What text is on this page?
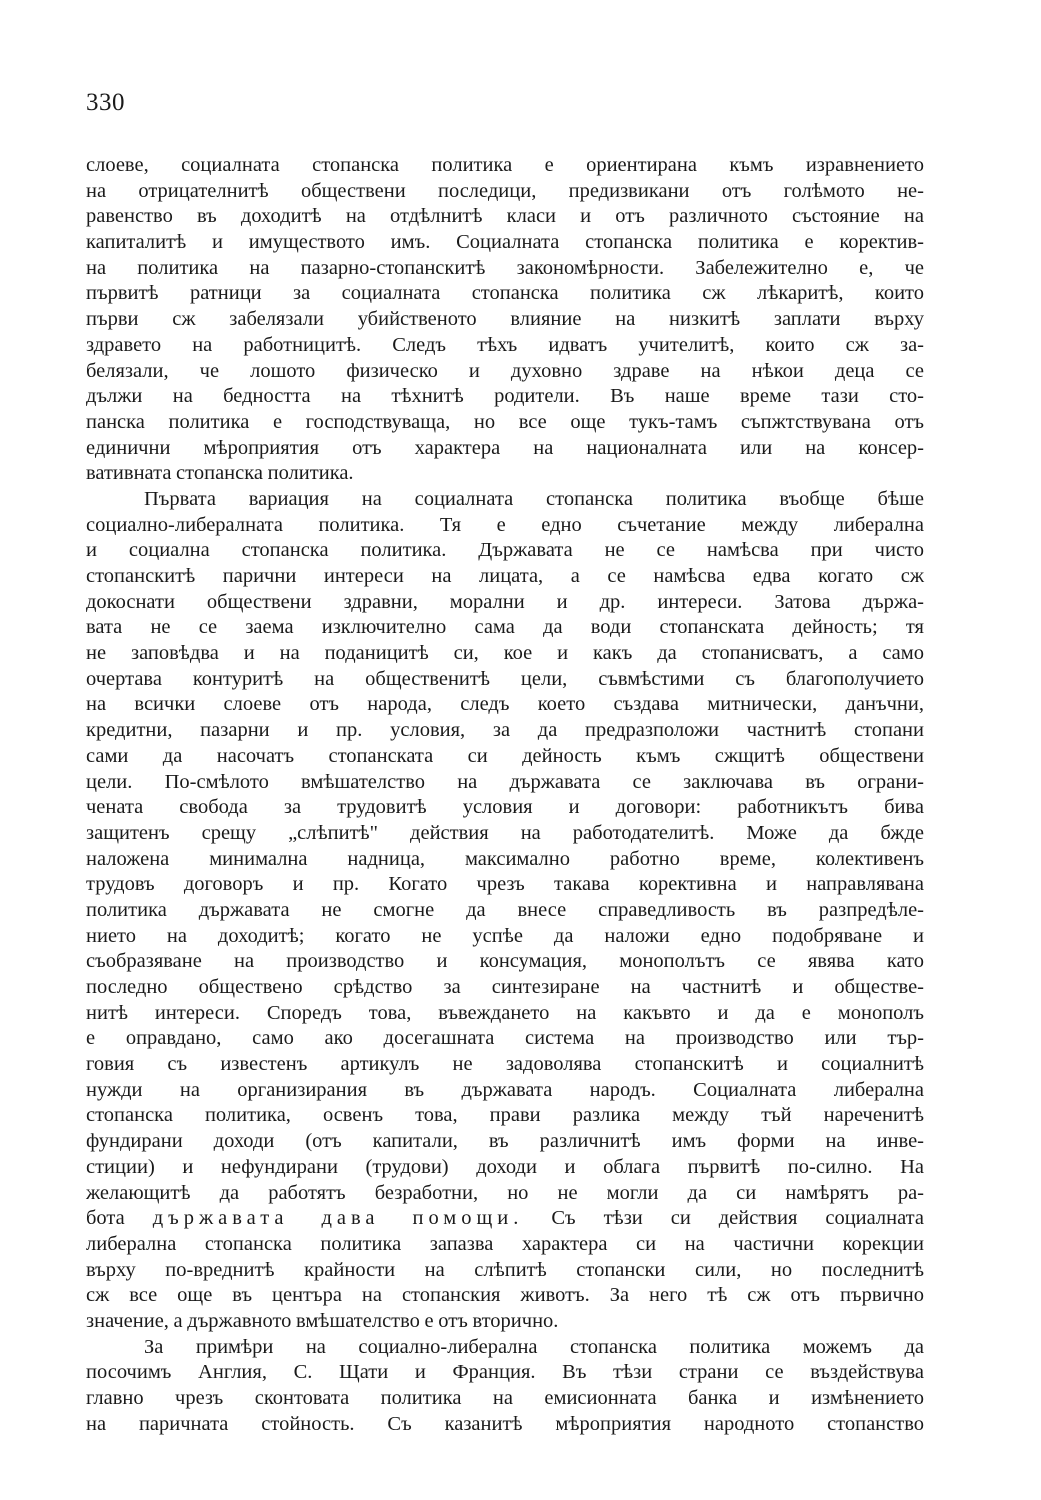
330
слоеве, социалната стопанска политика е ориентирана къмъ изравнението
на отрицателнитѣ обществени последици, предизвикани отъ голѣмото не-
равенство въ доходитѣ на отдѣлнитѣ класи и отъ различното състояние на
капиталитѣ и имуществото имъ. Социалната стопанска политика е коректив-
на политика на пазарно-стопанскитѣ закономѣрности. Забележително е, че
първитѣ ратници за социалната стопанска политика сж лѣкаритѣ, които
първи сж забелязали убийственото влияние на низкитѣ заплати върху
здравето на работницитѣ. Следъ тѣхъ идватъ учителитѣ, които сж за-
белязали, че лошото физическо и духовно здраве на нѣкои деца се
дължи на бедността на тѣхнитѣ родители. Въ наше време тази сто-
панска политика е господствуваща, но все още тукъ-тамъ съпжтствувана отъ
единични мѣроприятия отъ характера на националната или на консер-
вативната стопанска политика.
Първата вариация на социалната стопанска политика въобще бѣше
социално-либералната политика. Тя е едно съчетание между либерална
и социална стопанска политика. Държавата не се намѣсва при чисто
стопанскитѣ парични интереси на лицата, а се намѣсва едва когато сж
докоснати обществени здравни, морални и др. интереси. Затова държа-
вата не се заема изключително сама да води стопанската дейность; тя
не заповѣдва и на поданицитѣ си, кое и какъ да стопанисватъ, а само
очертава контуритѣ на общественитѣ цели, съвмѣстими съ благополучието
на всички слоеве отъ народа, следъ което създава митнически, данъчни,
кредитни, пазарни и пр. условия, за да предразположи частнитѣ стопани
сами да насочатъ стопанската си дейность къмъ сжщитѣ обществени
цели. По-смѣлото вмѣшателство на държавата се заключава въ ограни-
чената свобода за трудовитѣ условия и договори: работникътъ бива
защитенъ срещу „слѣпитѣ" действия на работодателитѣ. Може да бжде
наложена минимална надница, максимално работно време, колективенъ
трудовъ договоръ и пр. Когато чрезъ такава корективна и направлявана
политика държавата не смогне да внесе справедливость въ разпредѣле-
нието на доходитѣ; когато не успѣе да наложи едно подобряване и
съобразяване на производство и консумация, монополътъ се явява като
последно обществено срѣдство за синтезиране на частнитѣ и обществе-
нитѣ интереси. Споредъ това, въвеждането на какъвто и да е монополъ
е оправдано, само ако досегашната система на производство или тър-
говия съ известенъ артикулъ не задоволява стопанскитѣ и социалнитѣ
нужди на организирания въ държавата народъ. Социалната либерална
стопанска политика, освенъ това, прави разлика между тъй нареченитѣ
фундирани доходи (отъ капитали, въ различнитѣ имъ форми на инве-
стиции) и нефундирани (трудови) доходи и облага първитѣ по-силно. На
желающитѣ да работятъ безработни, но не могли да си намѣрятъ ра-
бота държавата дава помощи. Съ тѣзи си действия социалната
либерална стопанска политика запазва характера си на частични корекции
върху по-вреднитѣ крайности на слѣпитѣ стопански сили, но последнитѣ
сж все още въ центъра на стопанския животъ. За него тѣ сж отъ първично
значение, а държавното вмѣшателство е отъ вторично.
За примѣри на социално-либерална стопанска политика можемъ да
посочимъ Англия, С. Щати и Франция. Въ тѣзи страни се въздействува
главно чрезъ сконтовата политика на емисионната банка и измѣнението
на паричната стойность. Съ казанитѣ мѣроприятия народното стопанство
